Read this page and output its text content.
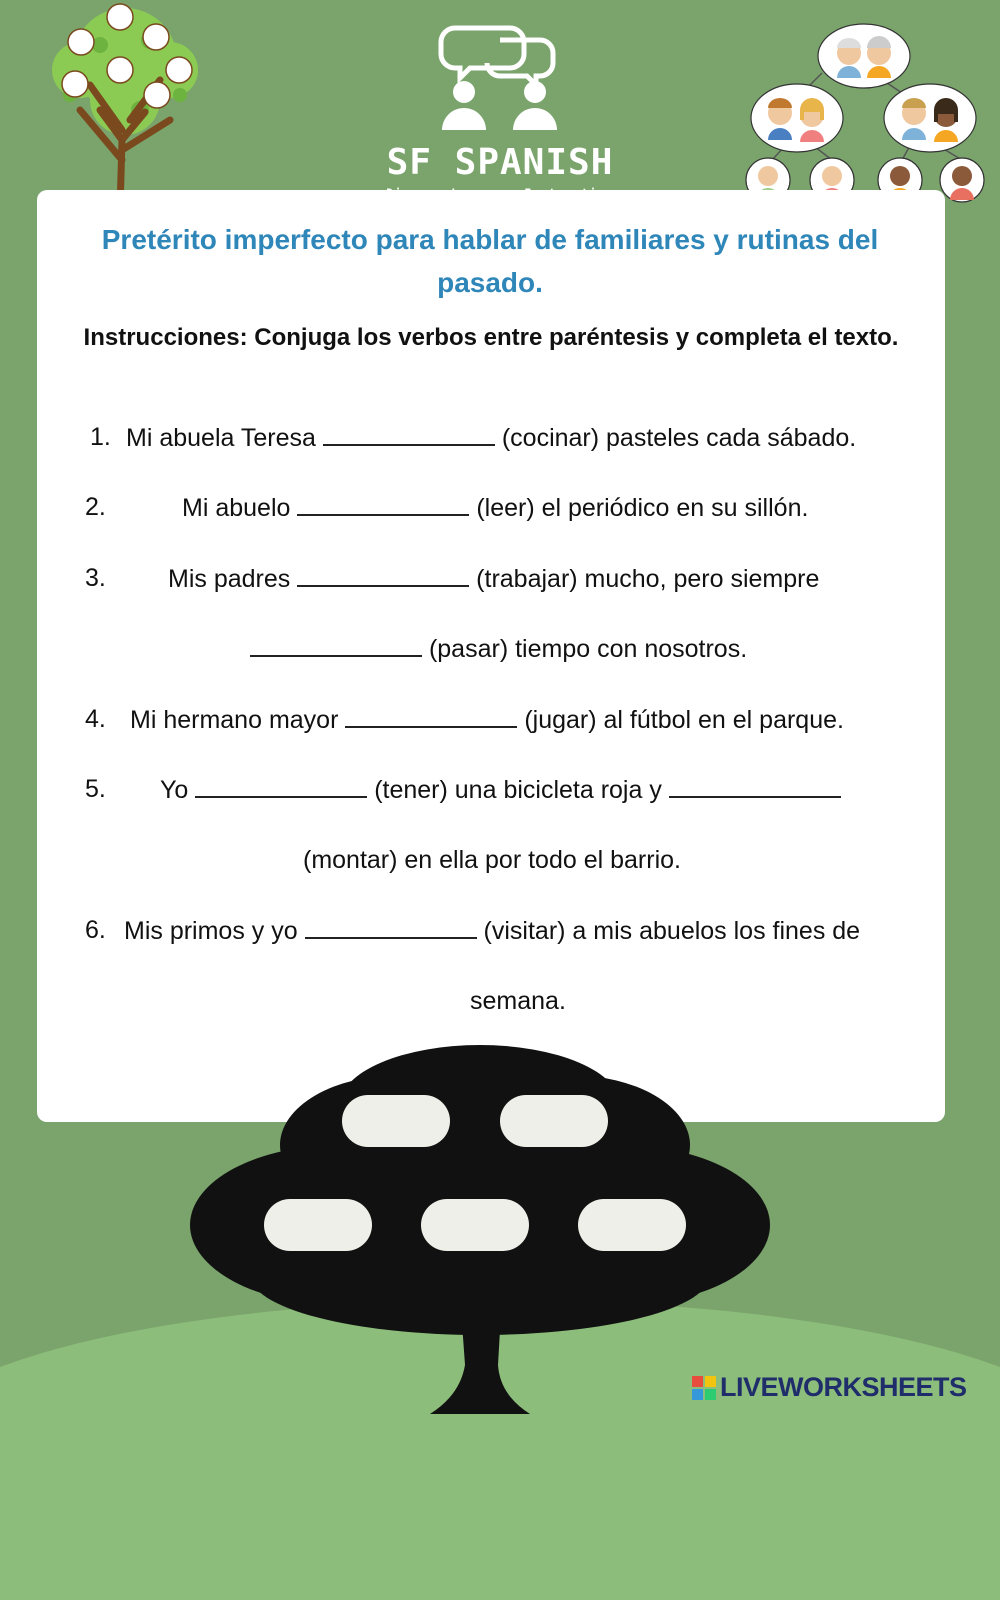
SF SPANISH
Pretérito imperfecto para hablar de familiares y rutinas del pasado.
Instrucciones: Conjuga los verbos entre paréntesis y completa el texto.
1. Mi abuela Teresa	(cocinar) pasteles cada sábado.
2.	Mi abuelo	(leer) el periódico en su sillón.
3. Mis padres	(trabajar) mucho, pero siempre
(pasar) tiempo con nosotros.
4. Mi hermano mayor	(jugar) al fútbol en el parque.
5. Yo	(tener) una bicicleta roja y
(montar) en ella por todo el barrio.
6. Mis primos y yo	(visitar) a mis abuelos los fines de
semana.
LIVEWORKSHEETS
